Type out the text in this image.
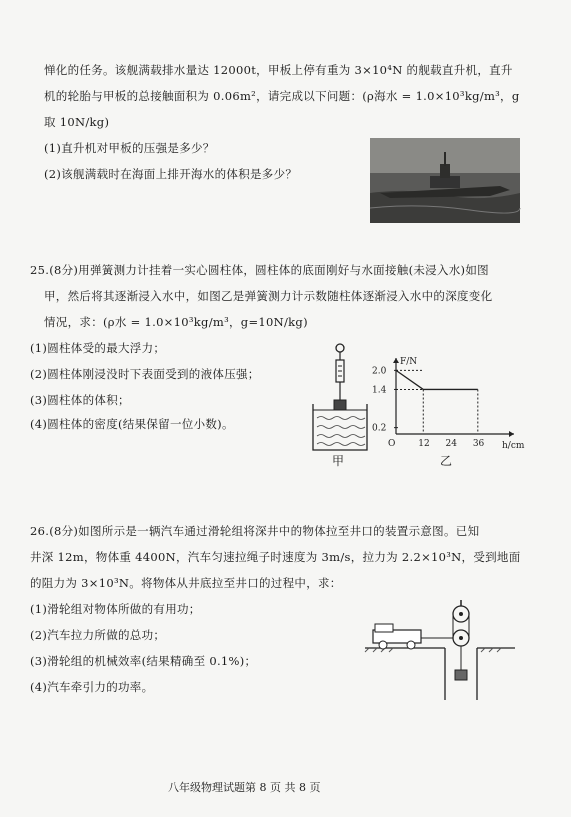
惮化的任务。该舰满载排水量达 12000t，甲板上停有重为 3×10⁴N 的舰载直升机，直升
机的轮胎与甲板的总接触面积为 0.06m²，请完成以下问题：(ρ海水 = 1.0×10³kg/m³，g
取 10N/kg)
(1)直升机对甲板的压强是多少？
(2)该舰满载时在海面上排开海水的体积是多少？
25.(8分)用弹簧测力计挂着一实心圆柱体，圆柱体的底面刚好与水面接触(未浸入水)如图
甲，然后将其逐渐浸入水中，如图乙是弹簧测力计示数随柱体逐渐浸入水中的深度变化
情况，求：(ρ水 = 1.0×10³kg/m³，g=10N/kg)
(1)圆柱体受的最大浮力；
(2)圆柱体刚浸没时下表面受到的液体压强；
(3)圆柱体的体积；
(4)圆柱体的密度(结果保留一位小数)。
甲
F/N
h/cm
O
0.2
1.4
2.0
12 24 36
乙
26.(8分)如图所示是一辆汽车通过滑轮组将深井中的物体拉至井口的装置示意图。已知
井深 12m，物体重 4400N，汽车匀速拉绳子时速度为 3m/s，拉力为 2.2×10³N，受到地面
的阻力为 3×10³N。将物体从井底拉至井口的过程中，求：
(1)滑轮组对物体所做的有用功；
(2)汽车拉力所做的总功；
(3)滑轮组的机械效率(结果精确至 0.1%)；
(4)汽车牵引力的功率。
八年级物理试题第 8 页 共 8 页
